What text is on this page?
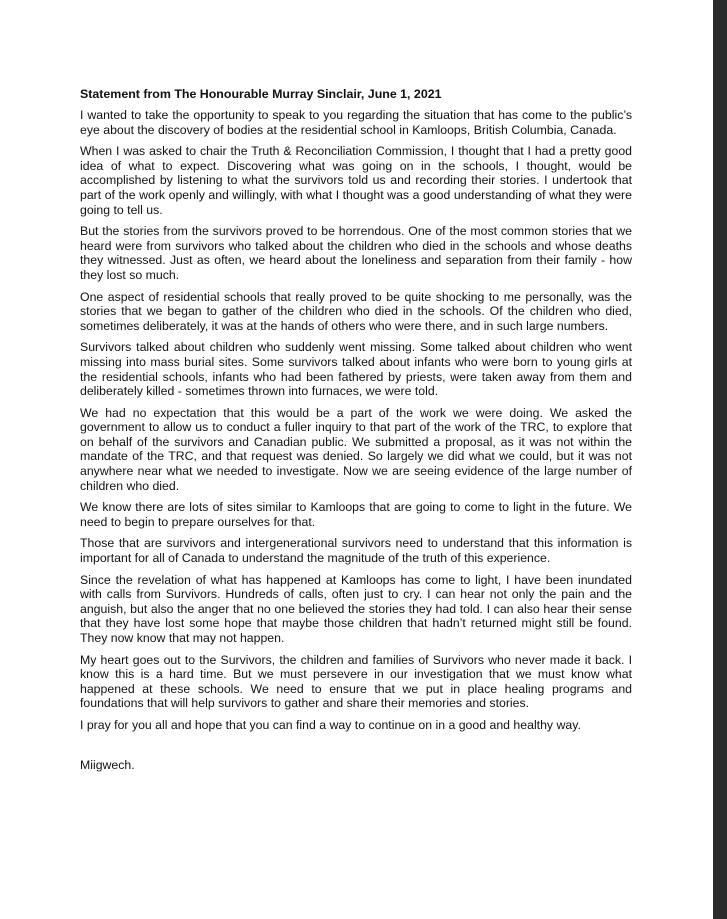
Statement from The Honourable Murray Sinclair, June 1, 2021

I wanted to take the opportunity to speak to you regarding the situation that has come to the public’s eye about the discovery of bodies at the residential school in Kamloops, British Columbia, Canada.

When I was asked to chair the Truth & Reconciliation Commission, I thought that I had a pretty good idea of what to expect. Discovering what was going on in the schools, I thought, would be accomplished by listening to what the survivors told us and recording their stories. I undertook that part of the work openly and willingly, with what I thought was a good understanding of what they were going to tell us.

But the stories from the survivors proved to be horrendous. One of the most common stories that we heard were from survivors who talked about the children who died in the schools and whose deaths they witnessed. Just as often, we heard about the loneliness and separation from their family - how they lost so much.

One aspect of residential schools that really proved to be quite shocking to me personally, was the stories that we began to gather of the children who died in the schools. Of the children who died, sometimes deliberately, it was at the hands of others who were there, and in such large numbers.

Survivors talked about children who suddenly went missing. Some talked about children who went missing into mass burial sites. Some survivors talked about infants who were born to young girls at the residential schools, infants who had been fathered by priests, were taken away from them and deliberately killed - sometimes thrown into furnaces, we were told.

We had no expectation that this would be a part of the work we were doing. We asked the government to allow us to conduct a fuller inquiry to that part of the work of the TRC, to explore that on behalf of the survivors and Canadian public. We submitted a proposal, as it was not within the mandate of the TRC, and that request was denied. So largely we did what we could, but it was not anywhere near what we needed to investigate. Now we are seeing evidence of the large number of children who died.

We know there are lots of sites similar to Kamloops that are going to come to light in the future. We need to begin to prepare ourselves for that.

Those that are survivors and intergenerational survivors need to understand that this information is important for all of Canada to understand the magnitude of the truth of this experience.

Since the revelation of what has happened at Kamloops has come to light, I have been inundated with calls from Survivors. Hundreds of calls, often just to cry. I can hear not only the pain and the anguish, but also the anger that no one believed the stories they had told. I can also hear their sense that they have lost some hope that maybe those children that hadn’t returned might still be found. They now know that may not happen.

My heart goes out to the Survivors, the children and families of Survivors who never made it back. I know this is a hard time. But we must persevere in our investigation that we must know what happened at these schools. We need to ensure that we put in place healing programs and foundations that will help survivors to gather and share their memories and stories.

I pray for you all and hope that you can find a way to continue on in a good and healthy way.

Miigwech.
